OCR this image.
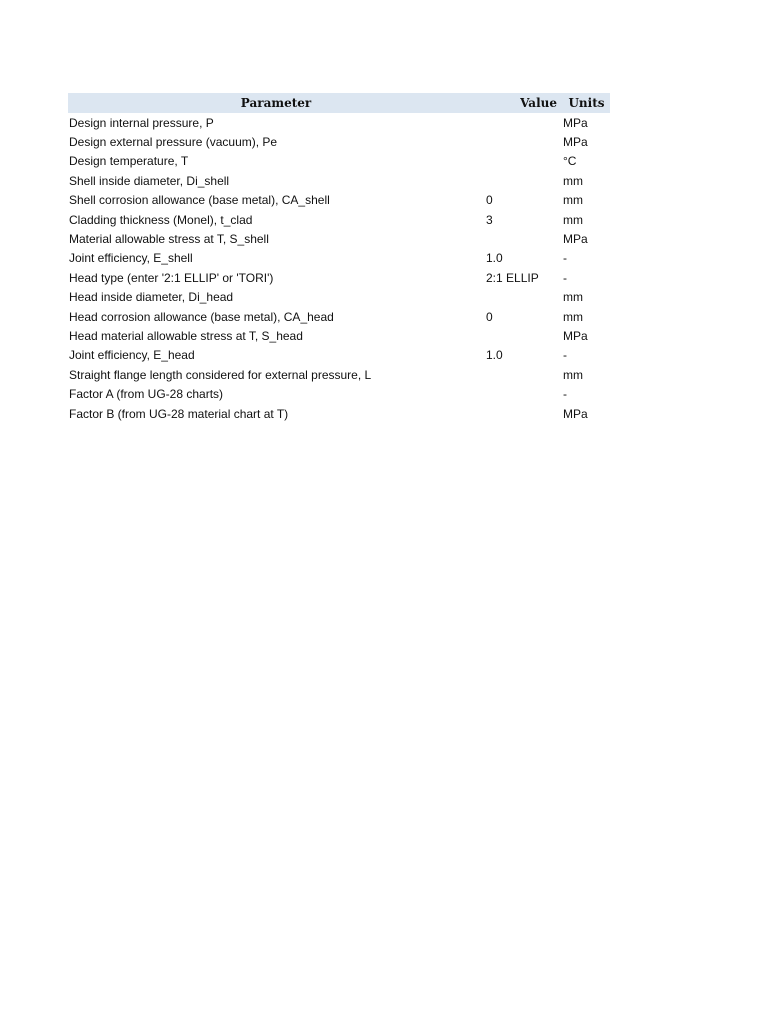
Parameter	Value	Units
Design internal pressure, P		MPa
Design external pressure (vacuum), Pe		MPa
Design temperature, T		°C
Shell inside diameter, Di_shell		mm
Shell corrosion allowance (base metal), CA_shell	0	mm
Cladding thickness (Monel), t_clad	3	mm
Material allowable stress at T, S_shell		MPa
Joint efficiency, E_shell	1.0	-
Head type (enter '2:1 ELLIP' or 'TORI')	2:1 ELLIP	-
Head inside diameter, Di_head		mm
Head corrosion allowance (base metal), CA_head	0	mm
Head material allowable stress at T, S_head		MPa
Joint efficiency, E_head	1.0	-
Straight flange length considered for external pressure, L		mm
Factor A (from UG-28 charts)		-
Factor B (from UG-28 material chart at T)		MPa
